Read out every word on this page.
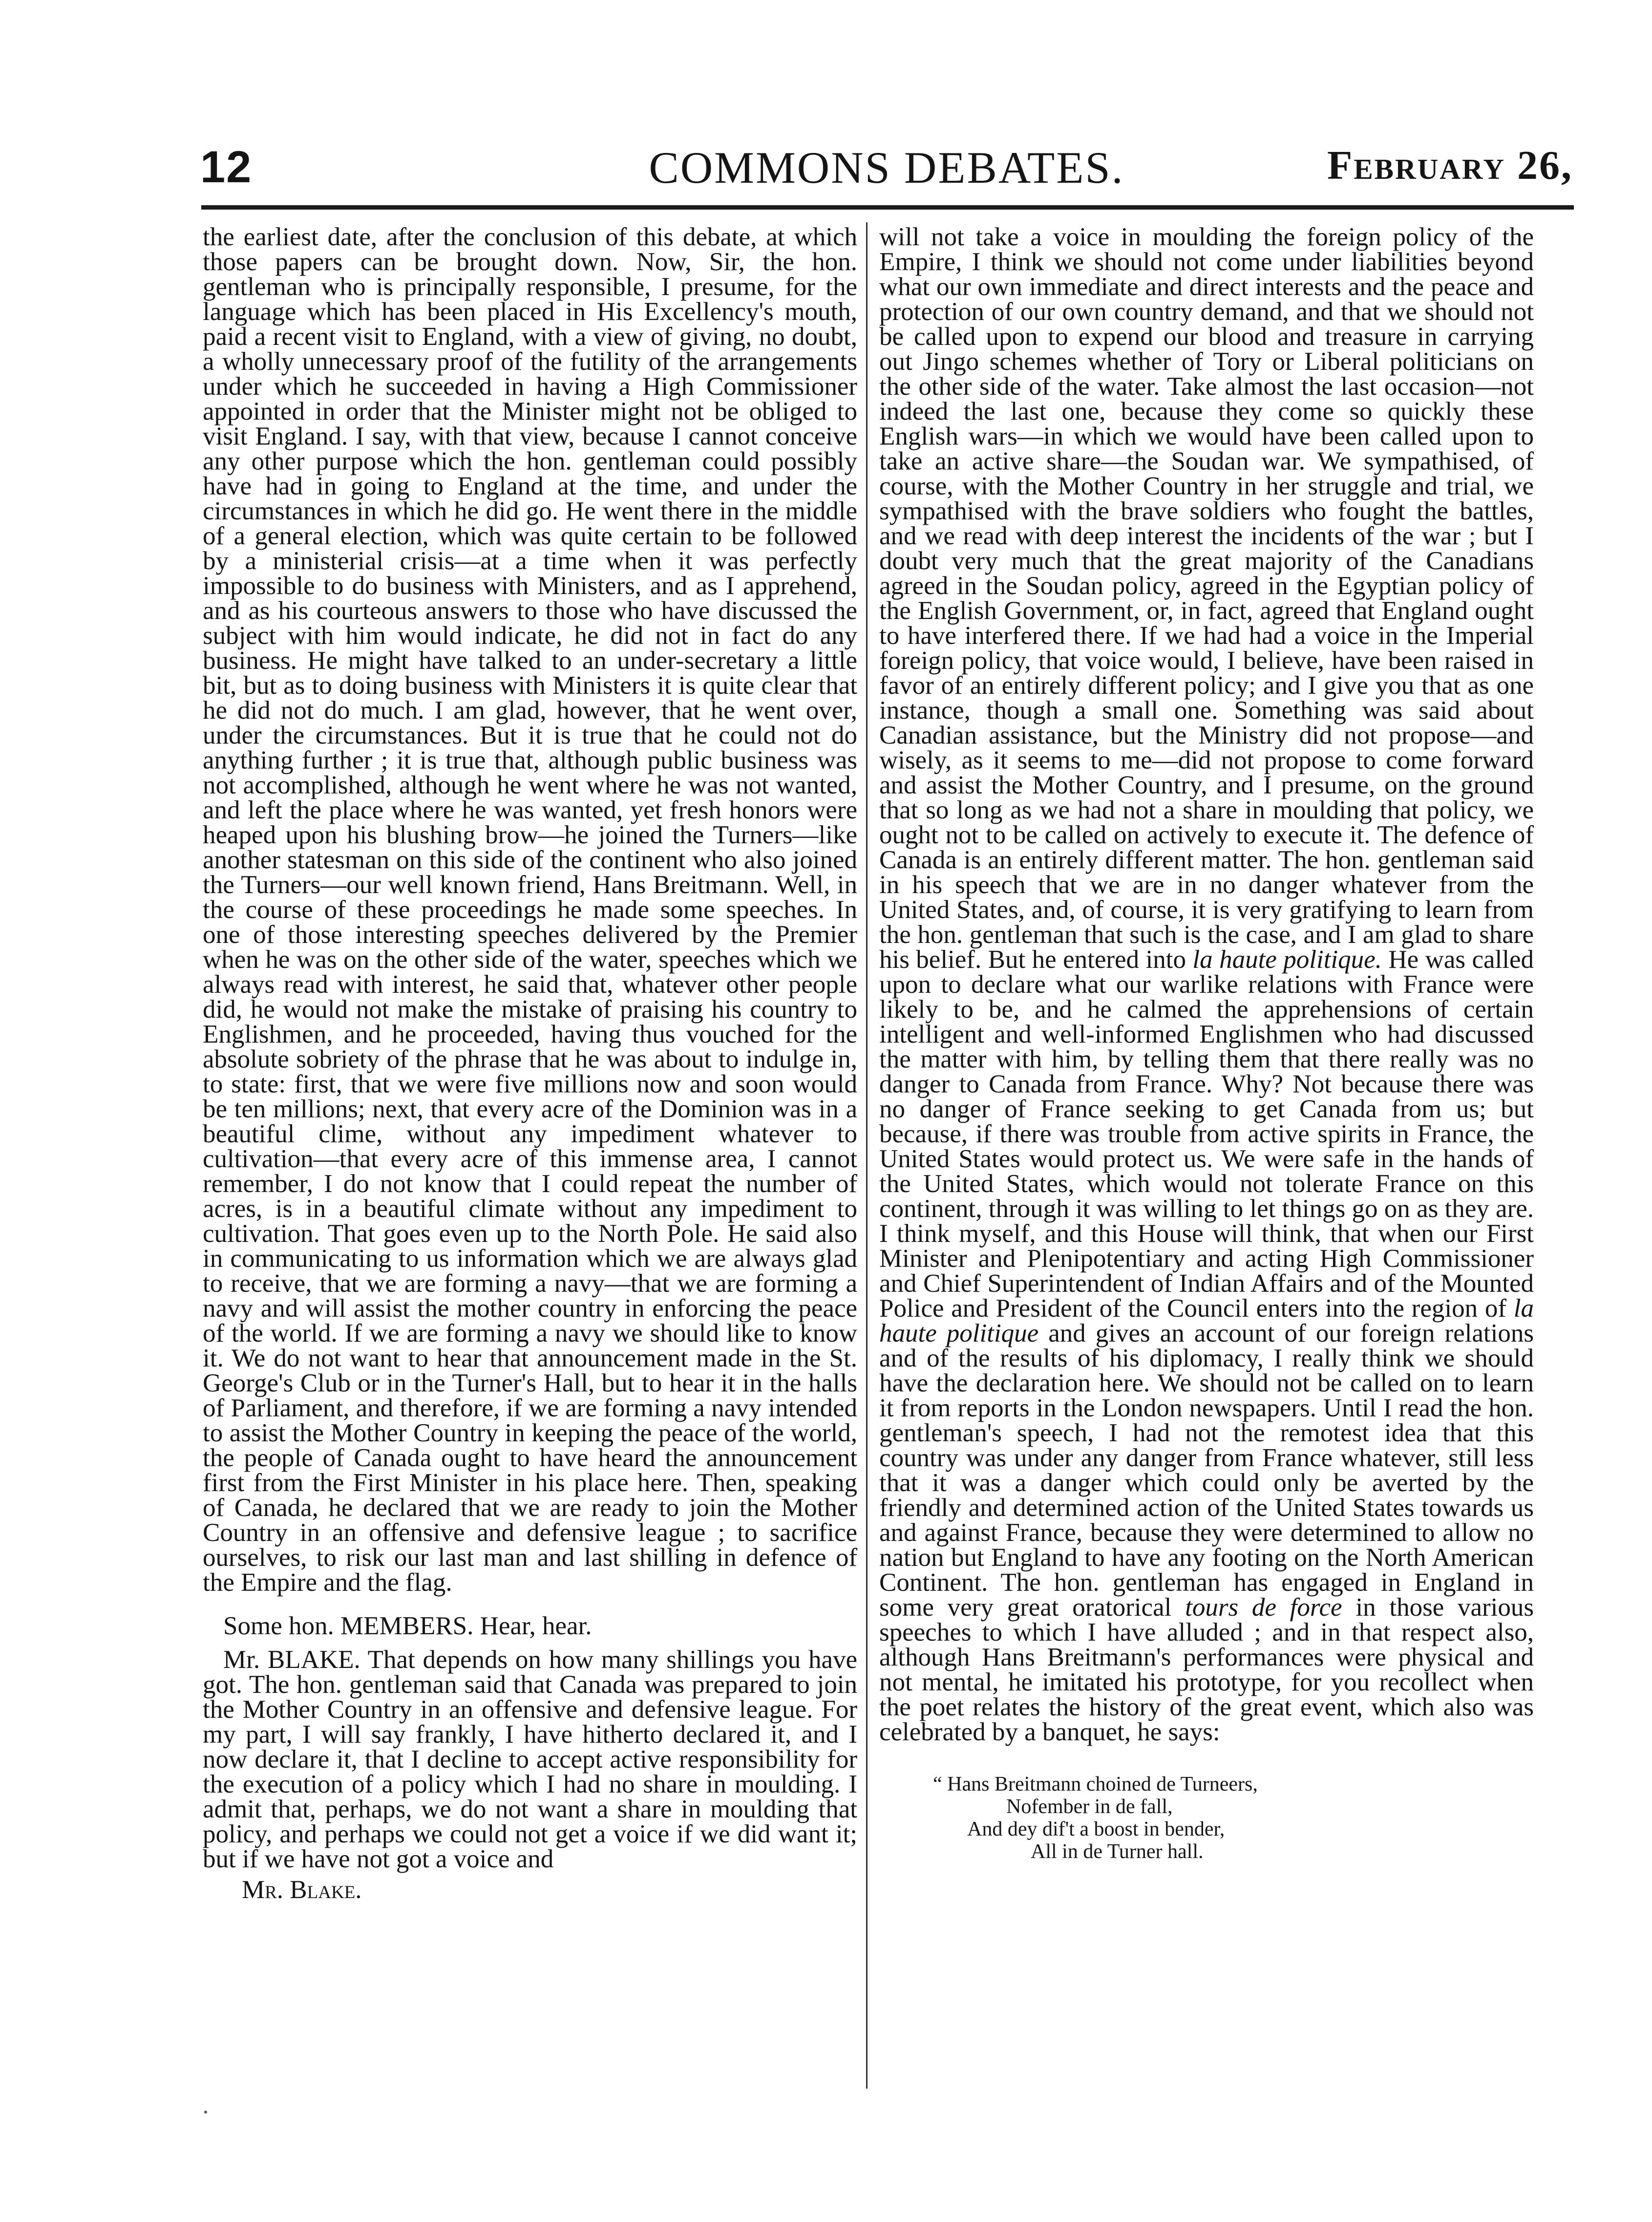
12	COMMONS DEBATES.	February 26,

the earliest date, after the conclusion of this debate, at which those papers can be brought down. Now, Sir, the hon. gentleman who is principally responsible, I presume, for the language which has been placed in His Excellency's mouth, paid a recent visit to England, with a view of giving, no doubt, a wholly unnecessary proof of the futility of the arrangements under which he succeeded in having a High Commissioner appointed in order that the Minister might not be obliged to visit England. I say, with that view, because I cannot conceive any other purpose which the hon. gentleman could possibly have had in going to England at the time, and under the circumstances in which he did go. He went there in the middle of a general election, which was quite certain to be followed by a ministerial crisis—at a time when it was perfectly impossible to do business with Ministers, and as I apprehend, and as his courteous answers to those who have discussed the subject with him would indicate, he did not in fact do any business. He might have talked to an under-secretary a little bit, but as to doing business with Ministers it is quite clear that he did not do much. I am glad, however, that he went over, under the circumstances. But it is true that he could not do anything further ; it is true that, although public business was not accomplished, although he went where he was not wanted, and left the place where he was wanted, yet fresh honors were heaped upon his blushing brow—he joined the Turners—like another statesman on this side of the continent who also joined the Turners—our well known friend, Hans Breitmann. Well, in the course of these proceedings he made some speeches. In one of those interesting speeches delivered by the Premier when he was on the other side of the water, speeches which we always read with interest, he said that, whatever other people did, he would not make the mistake of praising his country to Englishmen, and he proceeded, having thus vouched for the absolute sobriety of the phrase that he was about to indulge in, to state: first, that we were five millions now and soon would be ten millions; next, that every acre of the Dominion was in a beautiful clime, without any impediment whatever to cultivation—that every acre of this immense area, I cannot remember, I do not know that I could repeat the number of acres, is in a beautiful climate without any impediment to cultivation. That goes even up to the North Pole. He said also in communicating to us information which we are always glad to receive, that we are forming a navy—that we are forming a navy and will assist the mother country in enforcing the peace of the world. If we are forming a navy we should like to know it. We do not want to hear that announcement made in the St. George's Club or in the Turner's Hall, but to hear it in the halls of Parliament, and therefore, if we are forming a navy intended to assist the Mother Country in keeping the peace of the world, the people of Canada ought to have heard the announcement first from the First Minister in his place here. Then, speaking of Canada, he declared that we are ready to join the Mother Country in an offensive and defensive league ; to sacrifice ourselves, to risk our last man and last shilling in defence of the Empire and the flag.

Some hon. MEMBERS. Hear, hear.

Mr. BLAKE. That depends on how many shillings you have got. The hon. gentleman said that Canada was prepared to join the Mother Country in an offensive and defensive league. For my part, I will say frankly, I have hitherto declared it, and I now declare it, that I decline to accept active responsibility for the execution of a policy which I had no share in moulding. I admit that, perhaps, we do not want a share in moulding that policy, and perhaps we could not get a voice if we did want it; but if we have not got a voice and

Mr. Blake.

will not take a voice in moulding the foreign policy of the Empire, I think we should not come under liabilities beyond what our own immediate and direct interests and the peace and protection of our own country demand, and that we should not be called upon to expend our blood and treasure in carrying out Jingo schemes whether of Tory or Liberal politicians on the other side of the water. Take almost the last occasion—not indeed the last one, because they come so quickly these English wars—in which we would have been called upon to take an active share—the Soudan war. We sympathised, of course, with the Mother Country in her struggle and trial, we sympathised with the brave soldiers who fought the battles, and we read with deep interest the incidents of the war ; but I doubt very much that the great majority of the Canadians agreed in the Soudan policy, agreed in the Egyptian policy of the English Government, or, in fact, agreed that England ought to have interfered there. If we had had a voice in the Imperial foreign policy, that voice would, I believe, have been raised in favor of an entirely different policy; and I give you that as one instance, though a small one. Something was said about Canadian assistance, but the Ministry did not propose—and wisely, as it seems to me—did not propose to come forward and assist the Mother Country, and I presume, on the ground that so long as we had not a share in moulding that policy, we ought not to be called on actively to execute it. The defence of Canada is an entirely different matter. The hon. gentleman said in his speech that we are in no danger whatever from the United States, and, of course, it is very gratifying to learn from the hon. gentleman that such is the case, and I am glad to share his belief. But he entered into la haute politique. He was called upon to declare what our warlike relations with France were likely to be, and he calmed the apprehensions of certain intelligent and well-informed Englishmen who had discussed the matter with him, by telling them that there really was no danger to Canada from France. Why? Not because there was no danger of France seeking to get Canada from us; but because, if there was trouble from active spirits in France, the United States would protect us. We were safe in the hands of the United States, which would not tolerate France on this continent, through it was willing to let things go on as they are. I think myself, and this House will think, that when our First Minister and Plenipotentiary and acting High Commissioner and Chief Superintendent of Indian Affairs and of the Mounted Police and President of the Council enters into the region of la haute politique and gives an account of our foreign relations and of the results of his diplomacy, I really think we should have the declaration here. We should not be called on to learn it from reports in the London newspapers. Until I read the hon. gentleman's speech, I had not the remotest idea that this country was under any danger from France whatever, still less that it was a danger which could only be averted by the friendly and determined action of the United States towards us and against France, because they were determined to allow no nation but England to have any footing on the North American Continent. The hon. gentleman has engaged in England in some very great oratorical tours de force in those various speeches to which I have alluded ; and in that respect also, although Hans Breitmann's performances were physical and not mental, he imitated his prototype, for you recollect when the poet relates the history of the great event, which also was celebrated by a banquet, he says:

“ Hans Breitmann choined de Turneers,
Nofember in de fall,
And dey dif't a boost in bender,
All in de Turner hall.
